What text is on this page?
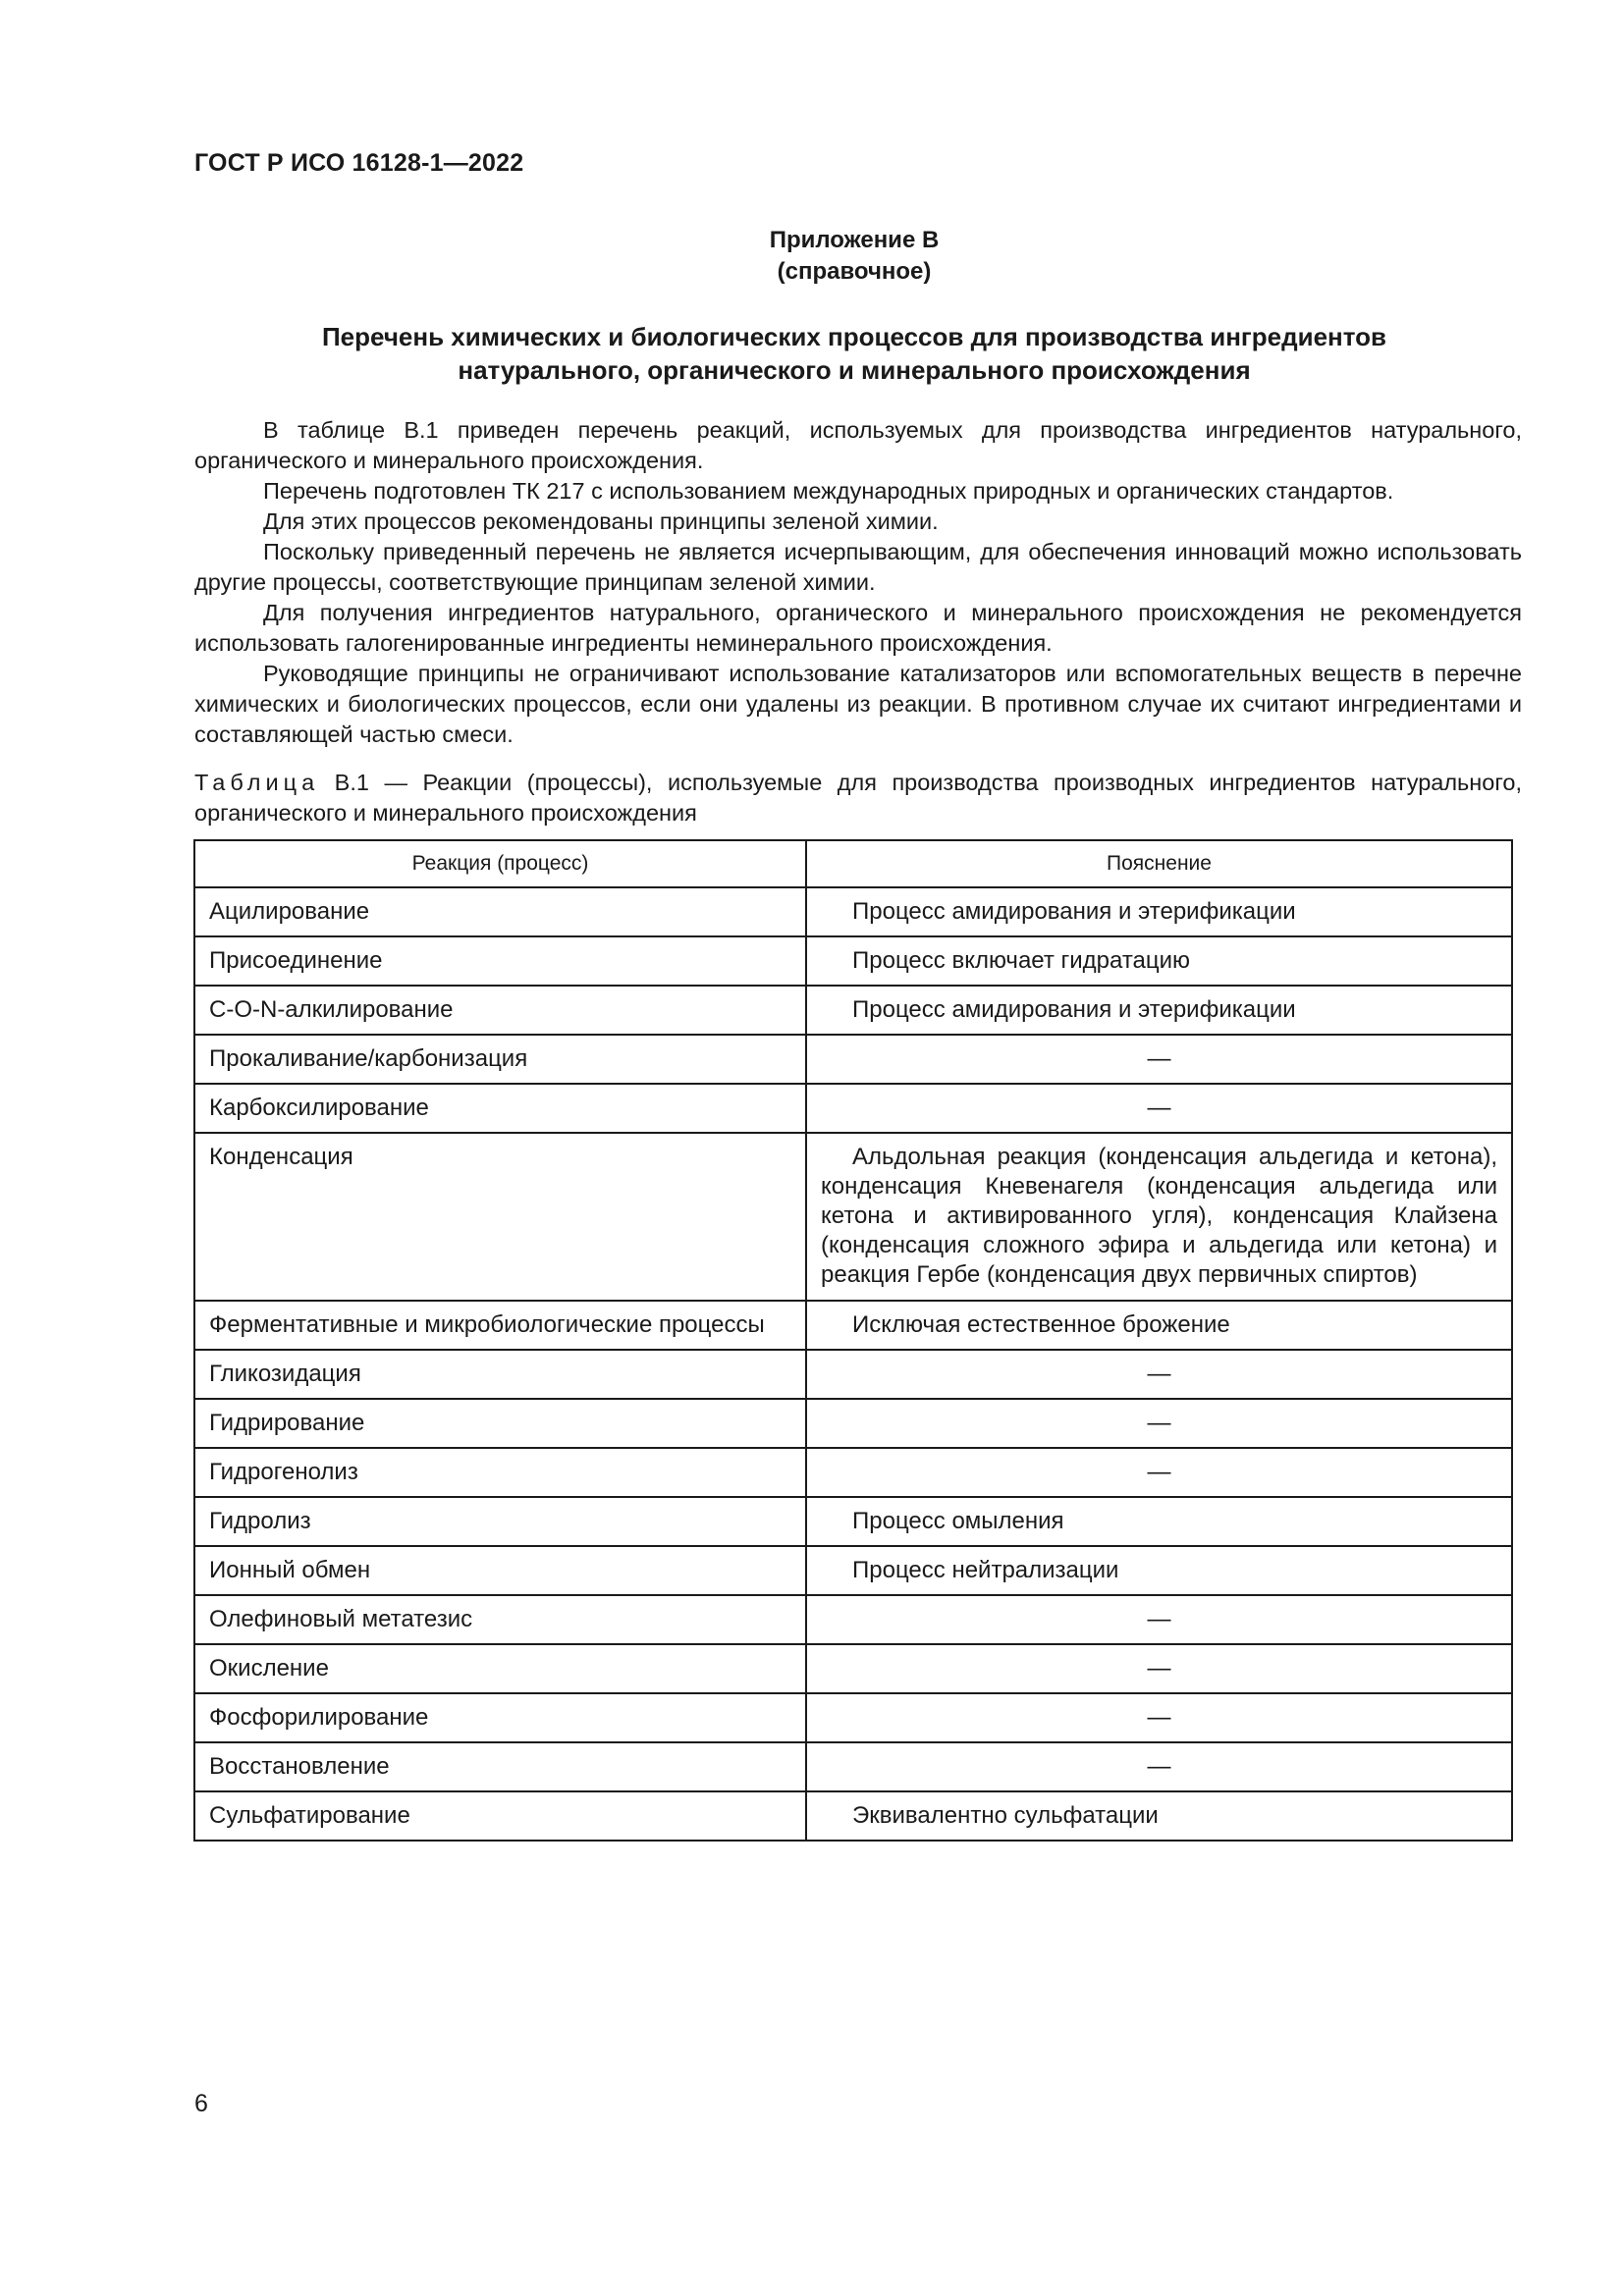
ГОСТ Р ИСО 16128-1—2022
Приложение В
(справочное)
Перечень химических и биологических процессов для производства ингредиентов
натурального, органического и минерального происхождения

В таблице В.1 приведен перечень реакций, используемых для производства ингредиентов натурального, органического и минерального происхождения.

Перечень подготовлен ТК 217 с использованием международных природных и органических стандартов.

Для этих процессов рекомендованы принципы зеленой химии.

Поскольку приведенный перечень не является исчерпывающим, для обеспечения инноваций можно использовать другие процессы, соответствующие принципам зеленой химии.

Для получения ингредиентов натурального, органического и минерального происхождения не рекомендуется использовать галогенированные ингредиенты неминерального происхождения.

Руководящие принципы не ограничивают использование катализаторов или вспомогательных веществ в перечне химических и биологических процессов, если они удалены из реакции. В противном случае их считают ингредиентами и составляющей частью смеси.

Таблица В.1 — Реакции (процессы), используемые для производства производных ингредиентов натурального, органического и минерального происхождения
Реакция (процесс)	Пояснение
Ацилирование	Процесс амидирования и этерификации
Присоединение	Процесс включает гидратацию
C-O-N-алкилирование	Процесс амидирования и этерификации
Прокаливание/карбонизация	—
Карбоксилирование	—
Конденсация	Альдольная реакция (конденсация альдегида и кетона), конденсация Кневенагеля (конденсация альдегида или кетона и активированного угля), конденсация Клайзена (конденсация сложного эфира и альдегида или кетона) и реакция Гербе (конденсация двух первичных спиртов)
Ферментативные и микробиологические процессы	Исключая естественное брожение
Гликозидация	—
Гидрирование	—
Гидрогенолиз	—
Гидролиз	Процесс омыления
Ионный обмен	Процесс нейтрализации
Олефиновый метатезис	—
Окисление	—
Фосфорилирование	—
Восстановление	—
Сульфатирование	Эквивалентно сульфатации
6
